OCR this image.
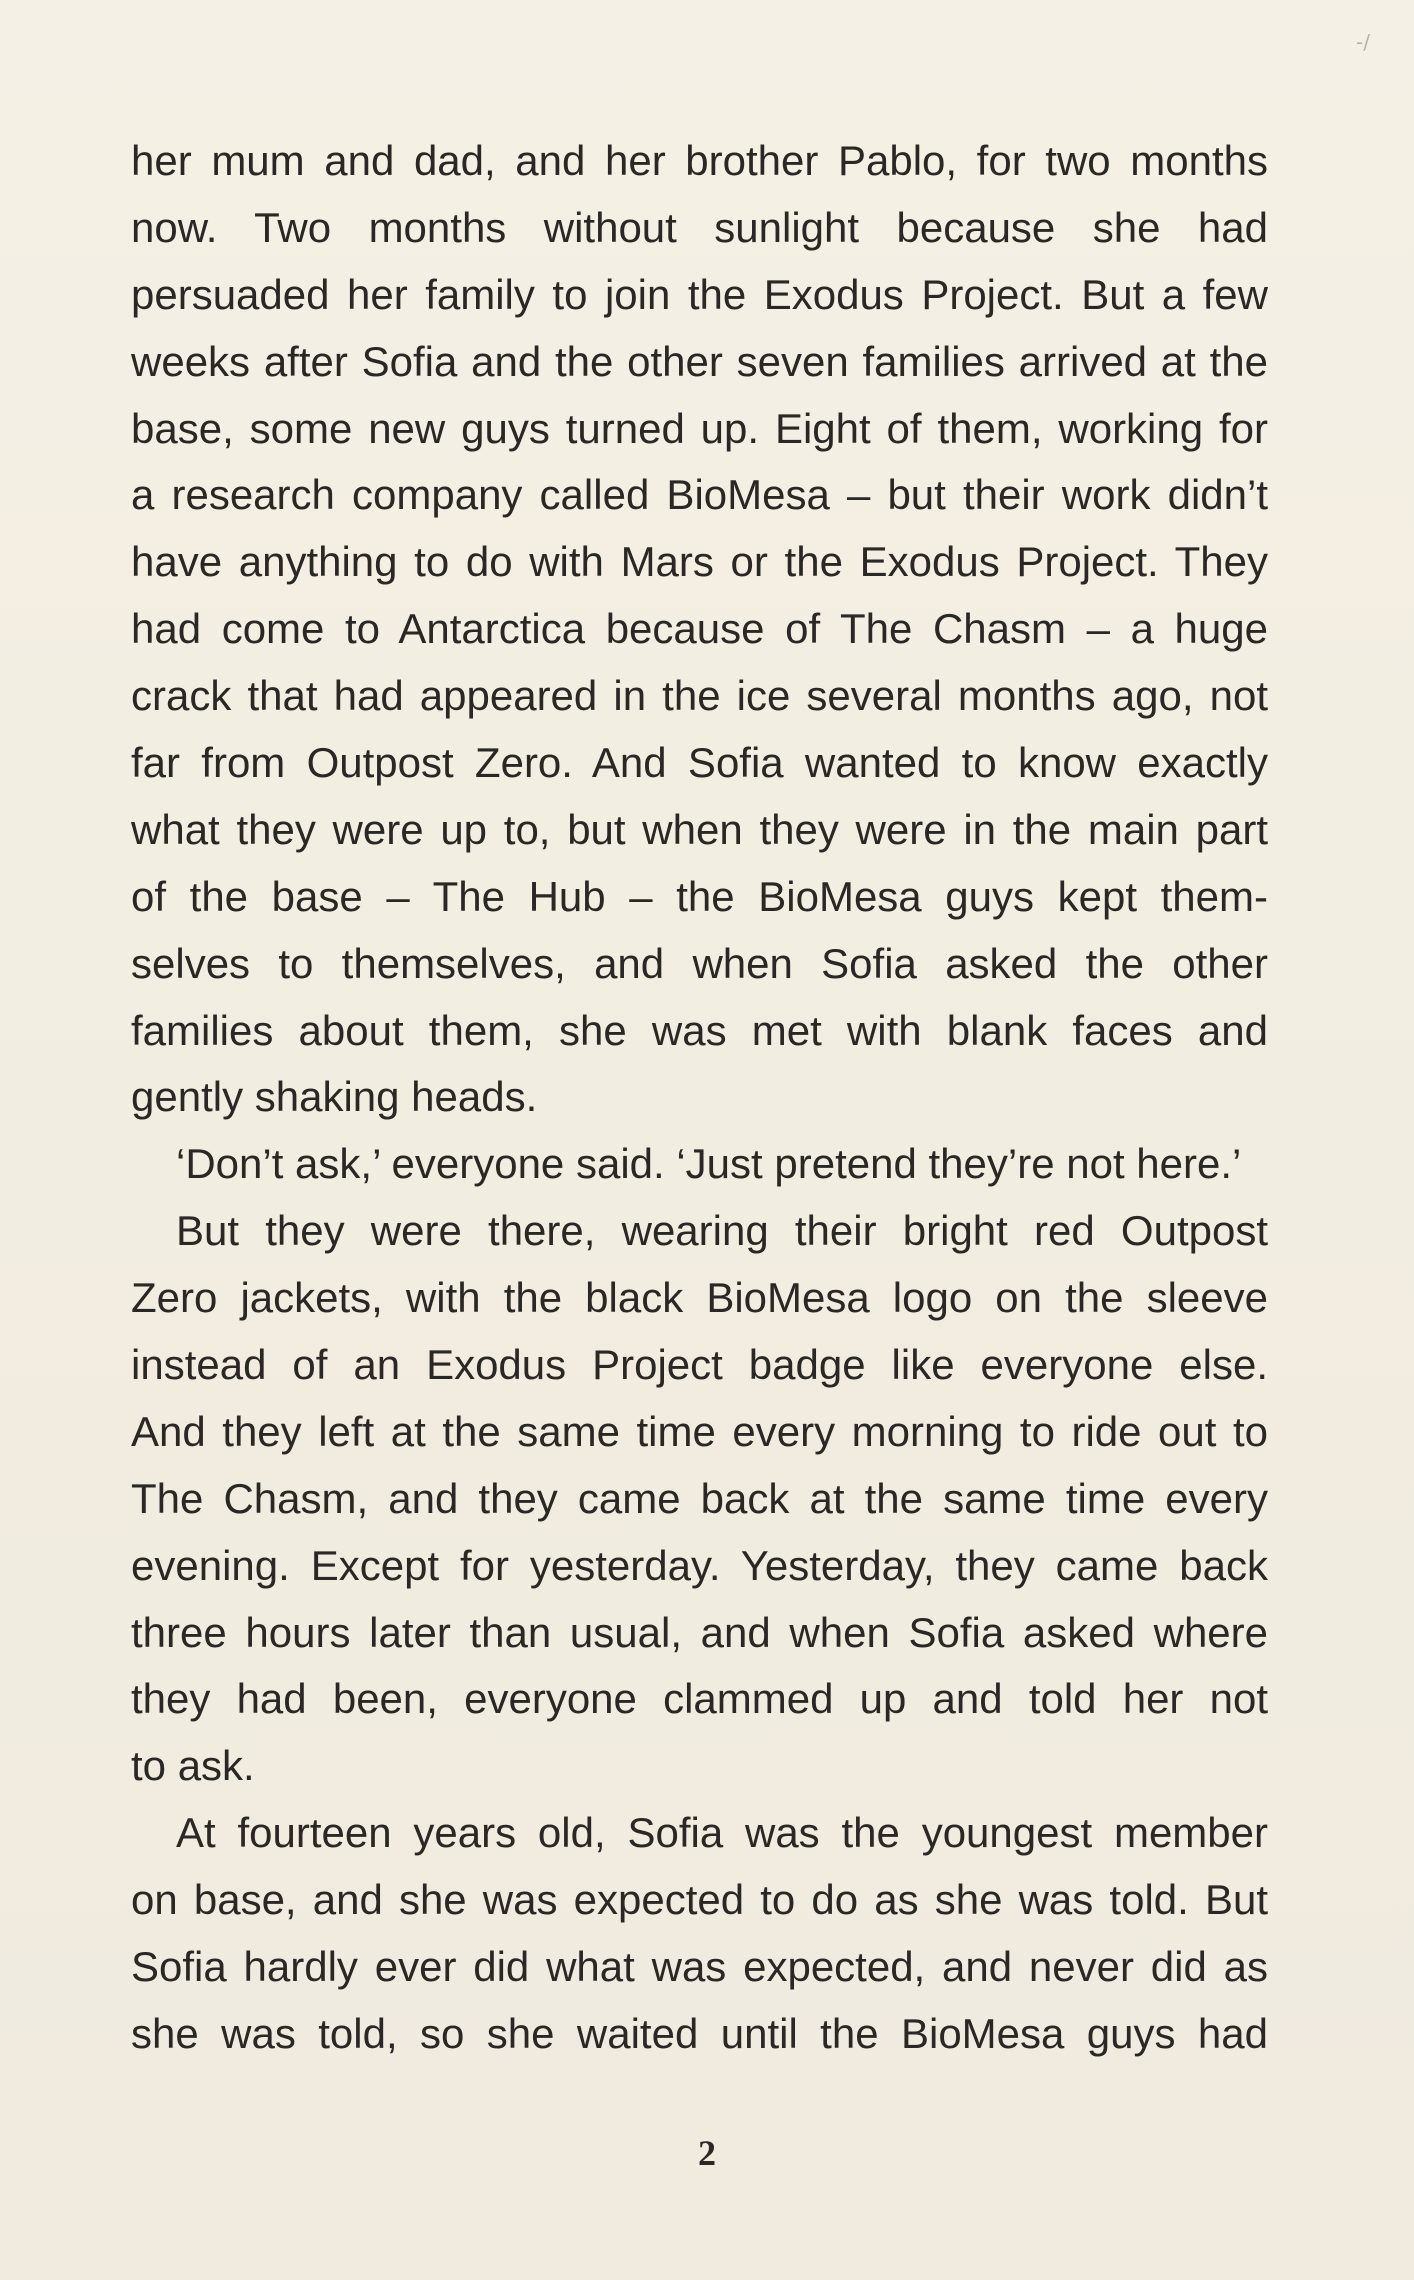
-/
her mum and dad, and her brother Pablo, for two months
now. Two months without sunlight because she had
persuaded her family to join the Exodus Project. But a few
weeks after Sofia and the other seven families arrived at the
base, some new guys turned up. Eight of them, working for
a research company called BioMesa – but their work didn’t
have anything to do with Mars or the Exodus Project. They
had come to Antarctica because of The Chasm – a huge
crack that had appeared in the ice several months ago, not
far from Outpost Zero. And Sofia wanted to know exactly
what they were up to, but when they were in the main part
of the base – The Hub – the BioMesa guys kept them-
selves to themselves, and when Sofia asked the other
families about them, she was met with blank faces and
gently shaking heads.
‘Don’t ask,’ everyone said. ‘Just pretend they’re not here.’
But they were there, wearing their bright red Outpost
Zero jackets, with the black BioMesa logo on the sleeve
instead of an Exodus Project badge like everyone else.
And they left at the same time every morning to ride out to
The Chasm, and they came back at the same time every
evening. Except for yesterday. Yesterday, they came back
three hours later than usual, and when Sofia asked where
they had been, everyone clammed up and told her not
to ask.
At fourteen years old, Sofia was the youngest member
on base, and she was expected to do as she was told. But
Sofia hardly ever did what was expected, and never did as
she was told, so she waited until the BioMesa guys had
2
